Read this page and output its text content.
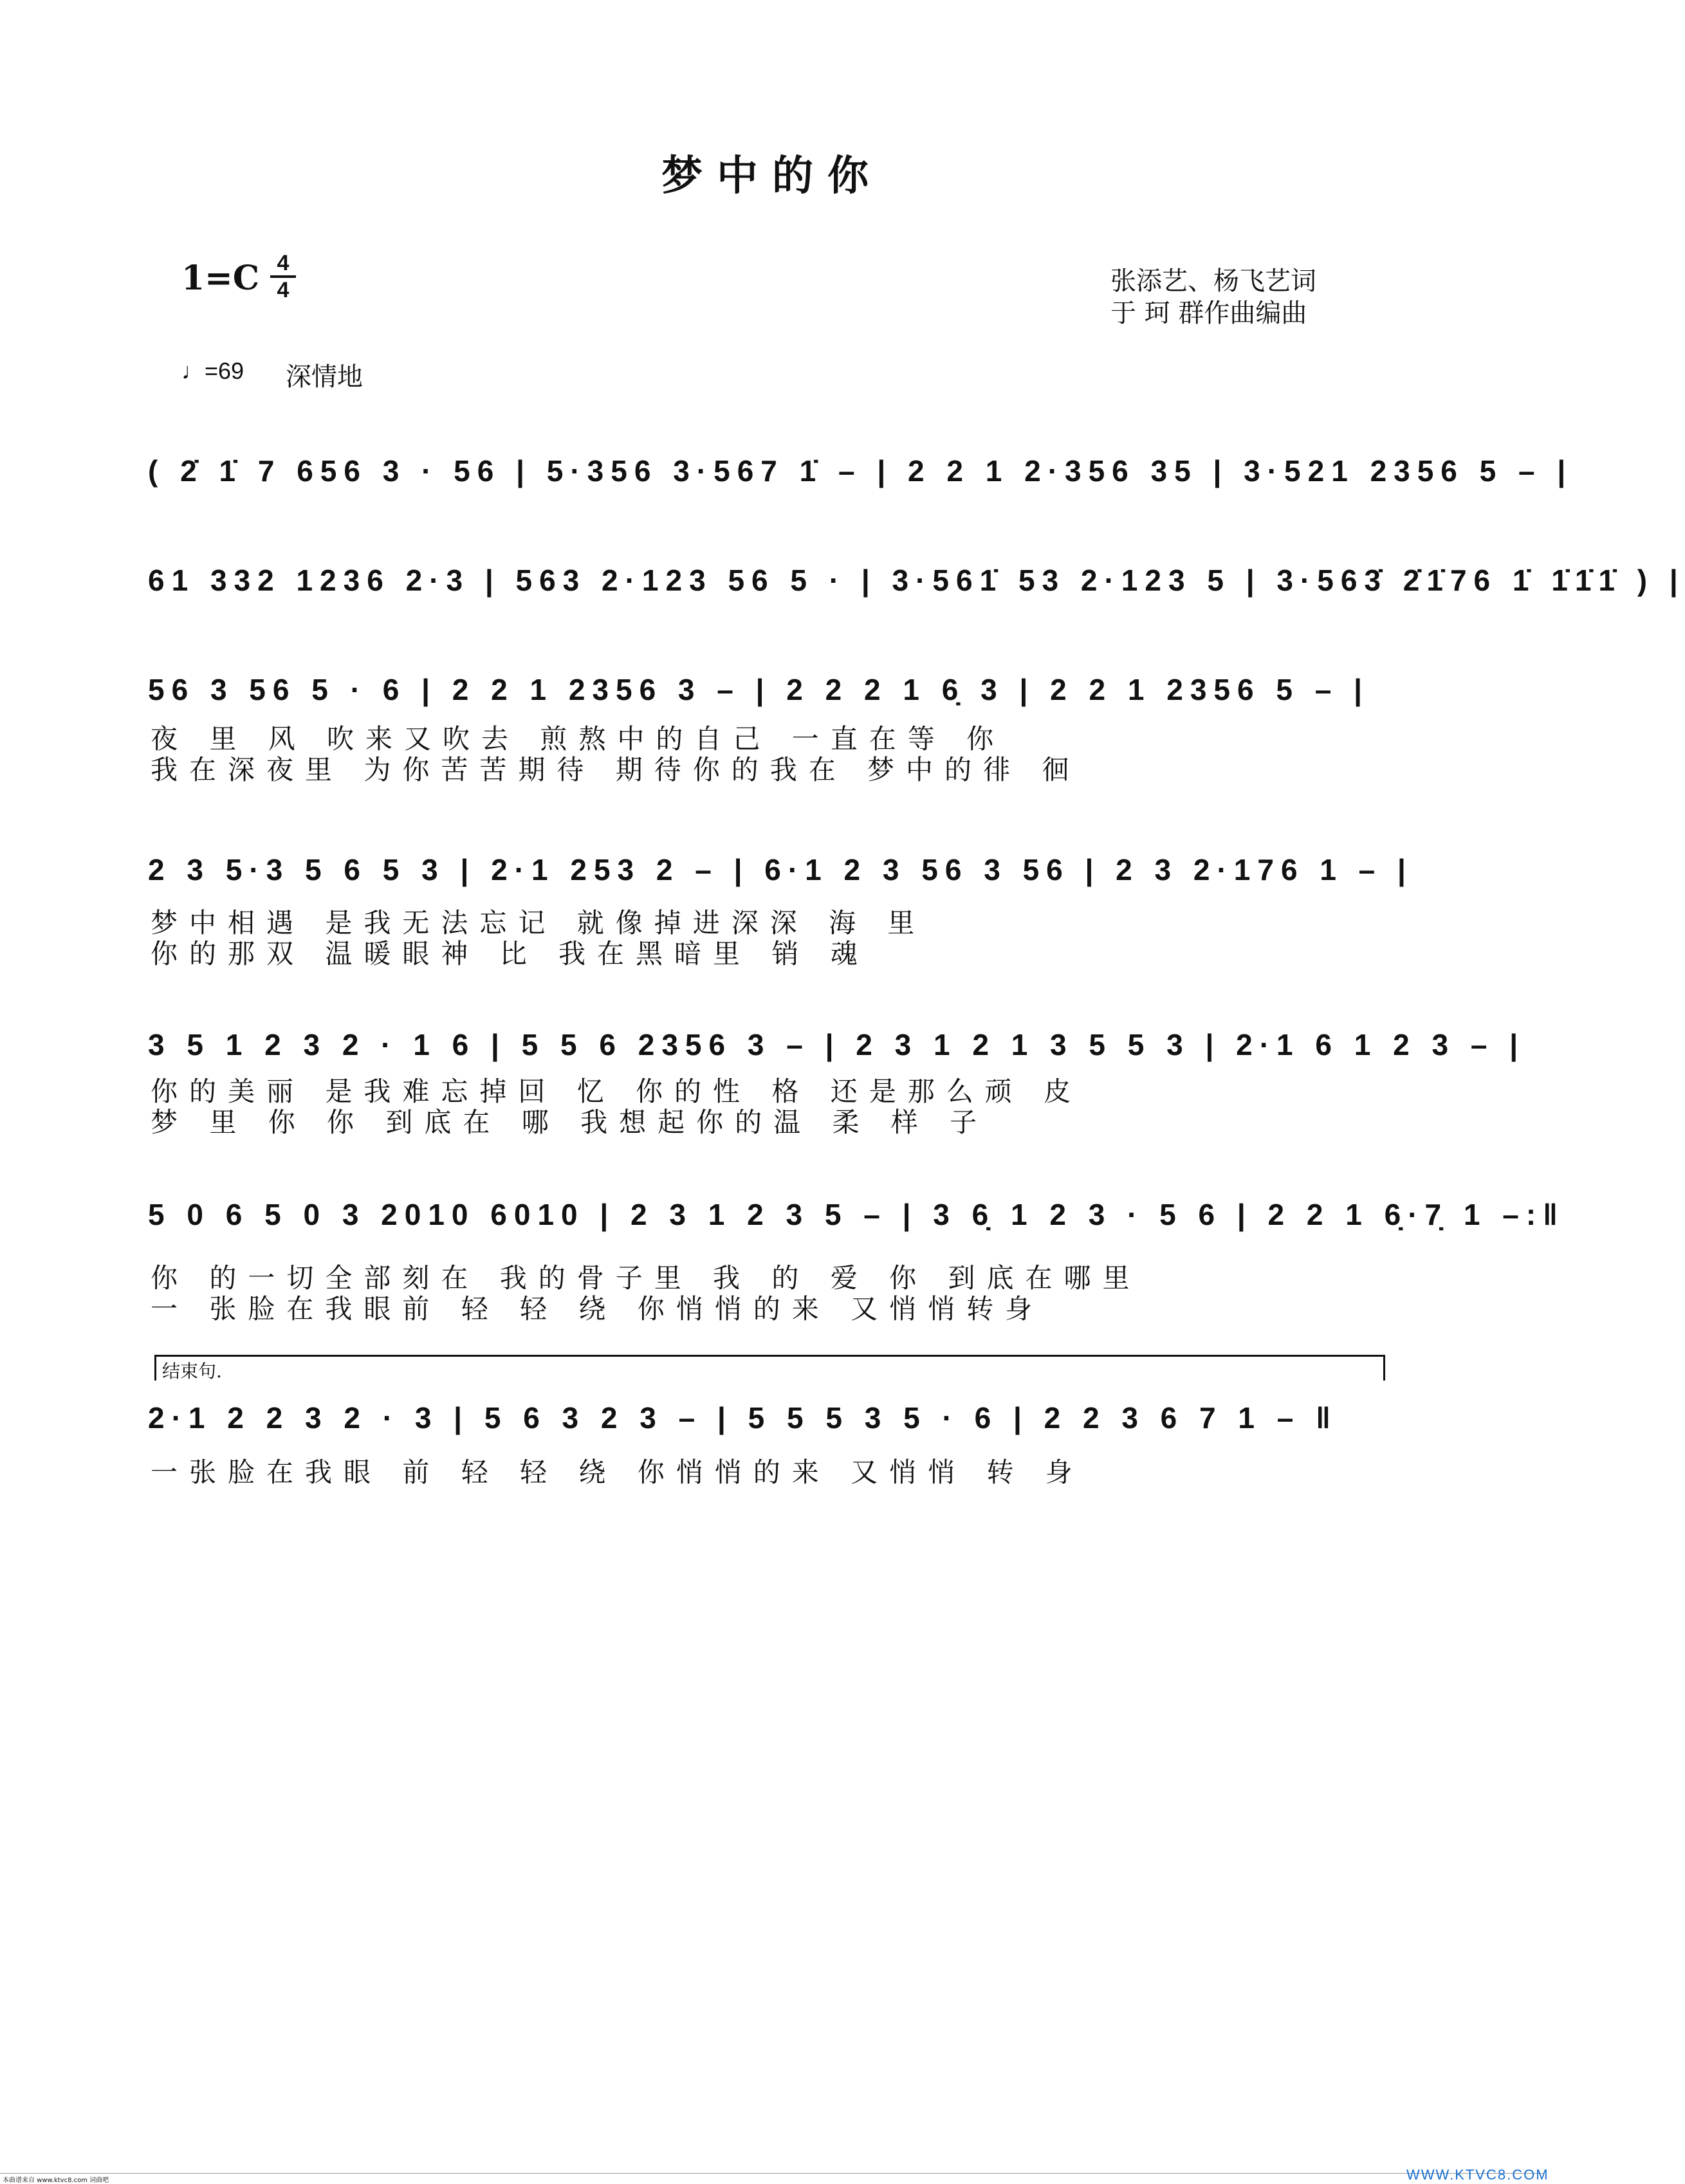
梦中的你
1=C 4
4	张添艺、杨飞艺词
于 珂 群作曲编曲
♩=69 深情地
( 2̇ 1̇ 7 656 3 · 56 | 5·356 3·567 1̇ – | 2 2 1 2·356 35 | 3·521 2356 5 – |
61 332 1236 2·3 | 563 2·123 56 5 · | 3·561̇ 53 2·123 5 | 3·563̇ 2̇1̇76 1̇ 1̇1̇1̇ ) |
56 3 56 5 · 6 | 2 2 1 2356 3 – | 2 2 2 1 6̣ 3 | 2 2 1 2356 5 – |
夜 里 风 吹来又吹去 煎熬中的自己 一直在等 你
我在深夜里 为你苦苦期待 期待你的我在 梦中的徘 徊
2 3 5·3 5 6 5 3 | 2·1 253 2 – | 6·1 2 3 56 3 56 | 2 3 2·176 1 – |
梦中相遇 是我无法忘记 就像掉进深深 海 里
你的那双 温暖眼神 比 我在黑暗里 销 魂
3 5 1 2 3 2 · 1 6 | 5 5 6 2356 3 – | 2 3 1 2 1 3 5 5 3 | 2·1 6 1 2 3 – |
你的美丽 是我难忘掉回 忆 你的性 格 还是那么顽 皮
梦 里 你 你 到底在 哪 我想起你的温 柔 样 子
5 0 6 5 0 3 2010 6010 | 2 3 1 2 3 5 – | 3 6̣ 1 2 3 · 5 6 | 2 2 1 6̣·7̣ 1 –:‖
你 的一切全部刻在 我的骨子里 我 的 爱 你 到底在哪里
一 张脸在我眼前 轻 轻 绕 你悄悄的来 又悄悄转身
结束句.
2·1 2 2 3 2 · 3 | 5 6 3 2 3 – | 5 5 5 3 5 · 6 | 2 2 3 6 7 1 – ‖
一张脸在我眼 前 轻 轻 绕 你悄悄的来 又悄悄 转 身
本曲谱来自 www.ktvc8.com 词曲吧	WWW.KTVC8.COM
